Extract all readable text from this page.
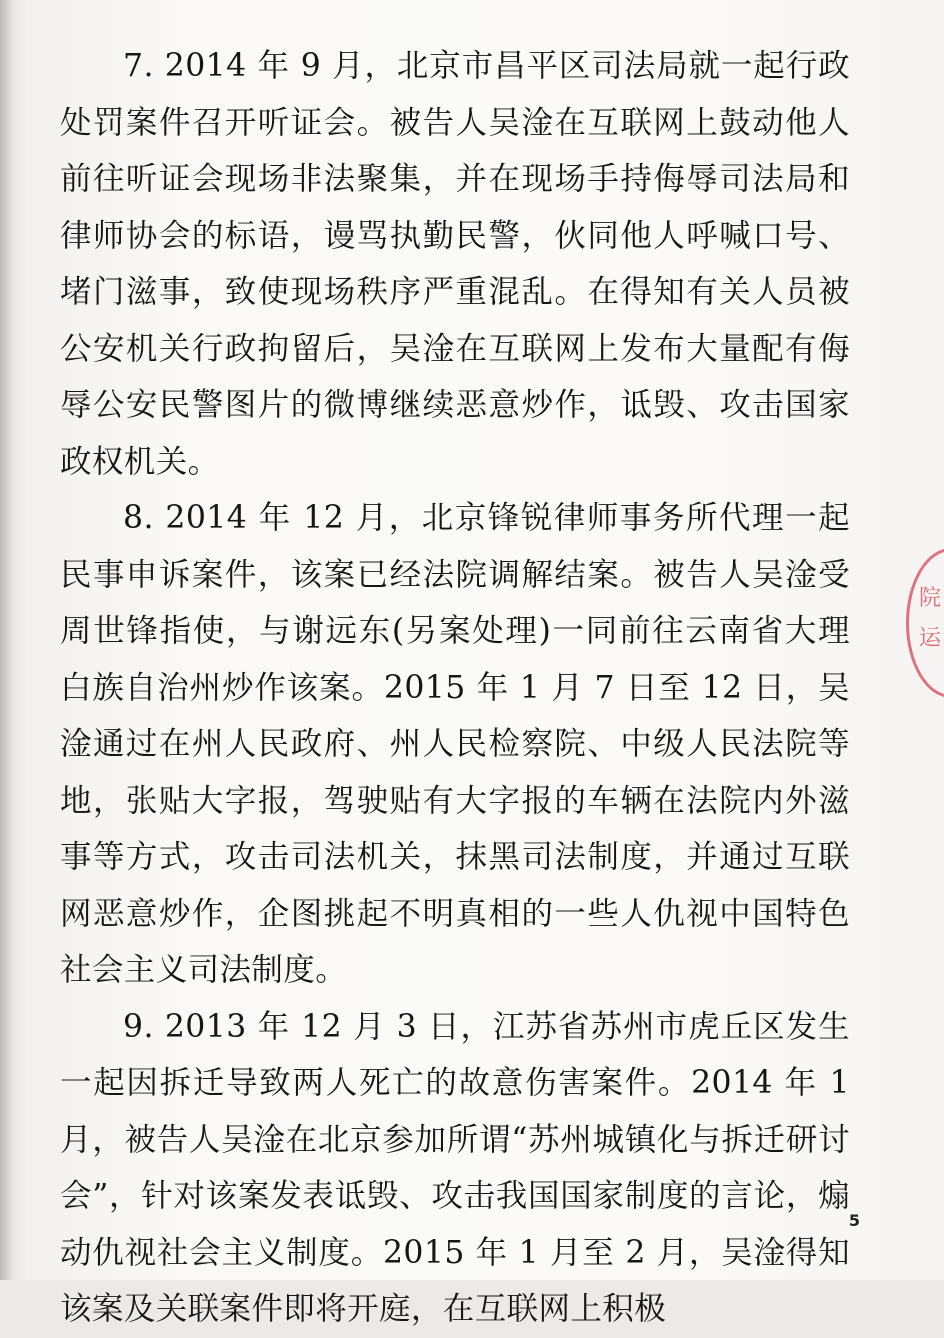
7. 2014 年 9 月，北京市昌平区司法局就一起行政处罚案件召开听证会。被告人吴淦在互联网上鼓动他人前往听证会现场非法聚集，并在现场手持侮辱司法局和律师协会的标语，谩骂执勤民警，伙同他人呼喊口号、堵门滋事，致使现场秩序严重混乱。在得知有关人员被公安机关行政拘留后，吴淦在互联网上发布大量配有侮辱公安民警图片的微博继续恶意炒作，诋毁、攻击国家政权机关。

8. 2014 年 12 月，北京锋锐律师事务所代理一起民事申诉案件，该案已经法院调解结案。被告人吴淦受周世锋指使，与谢远东(另案处理)一同前往云南省大理白族自治州炒作该案。2015 年 1 月 7 日至 12 日，吴淦通过在州人民政府、州人民检察院、中级人民法院等地，张贴大字报，驾驶贴有大字报的车辆在法院内外滋事等方式，攻击司法机关，抹黑司法制度，并通过互联网恶意炒作，企图挑起不明真相的一些人仇视中国特色社会主义司法制度。

9. 2013 年 12 月 3 日，江苏省苏州市虎丘区发生一起因拆迁导致两人死亡的故意伤害案件。2014 年 1 月，被告人吴淦在北京参加所谓“苏州城镇化与拆迁研讨会”，针对该案发表诋毁、攻击我国国家制度的言论，煽动仇视社会主义制度。2015 年 1 月至 2 月，吴淦得知该案及关联案件即将开庭，在互联网上积极

院
运
5
